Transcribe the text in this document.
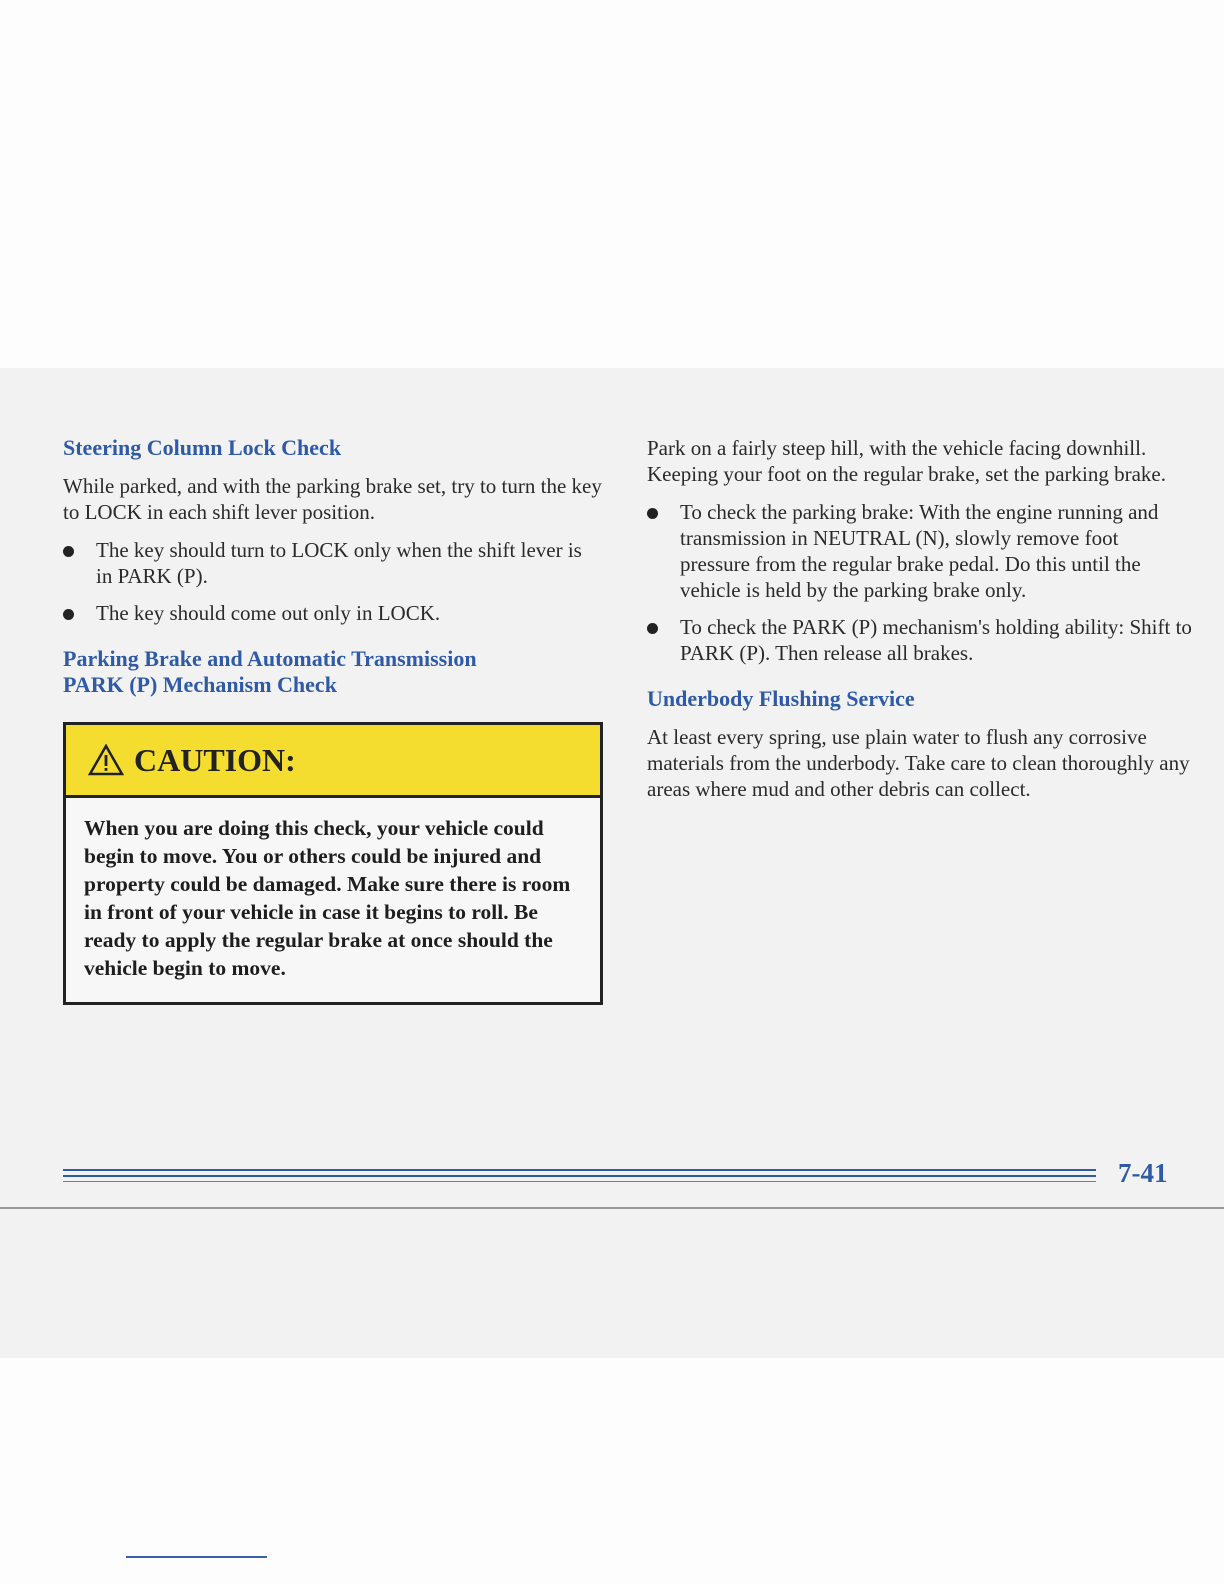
Steering Column Lock Check

While parked, and with the parking brake set, try to turn the key to LOCK in each shift lever position.

The key should turn to LOCK only when the shift lever is in PARK (P).
The key should come out only in LOCK.
Parking Brake and Automatic Transmission
PARK (P) Mechanism Check
CAUTION:
When you are doing this check, your vehicle could begin to move. You or others could be injured and property could be damaged. Make sure there is room in front of your vehicle in case it begins to roll. Be ready to apply the regular brake at once should the vehicle begin to move.

Park on a fairly steep hill, with the vehicle facing downhill. Keeping your foot on the regular brake, set the parking brake.

To check the parking brake: With the engine running and transmission in NEUTRAL (N), slowly remove foot pressure from the regular brake pedal. Do this until the vehicle is held by the parking brake only.
To check the PARK (P) mechanism's holding ability: Shift to PARK (P). Then release all brakes.
Underbody Flushing Service

At least every spring, use plain water to flush any corrosive materials from the underbody. Take care to clean thoroughly any areas where mud and other debris can collect.

7-41
